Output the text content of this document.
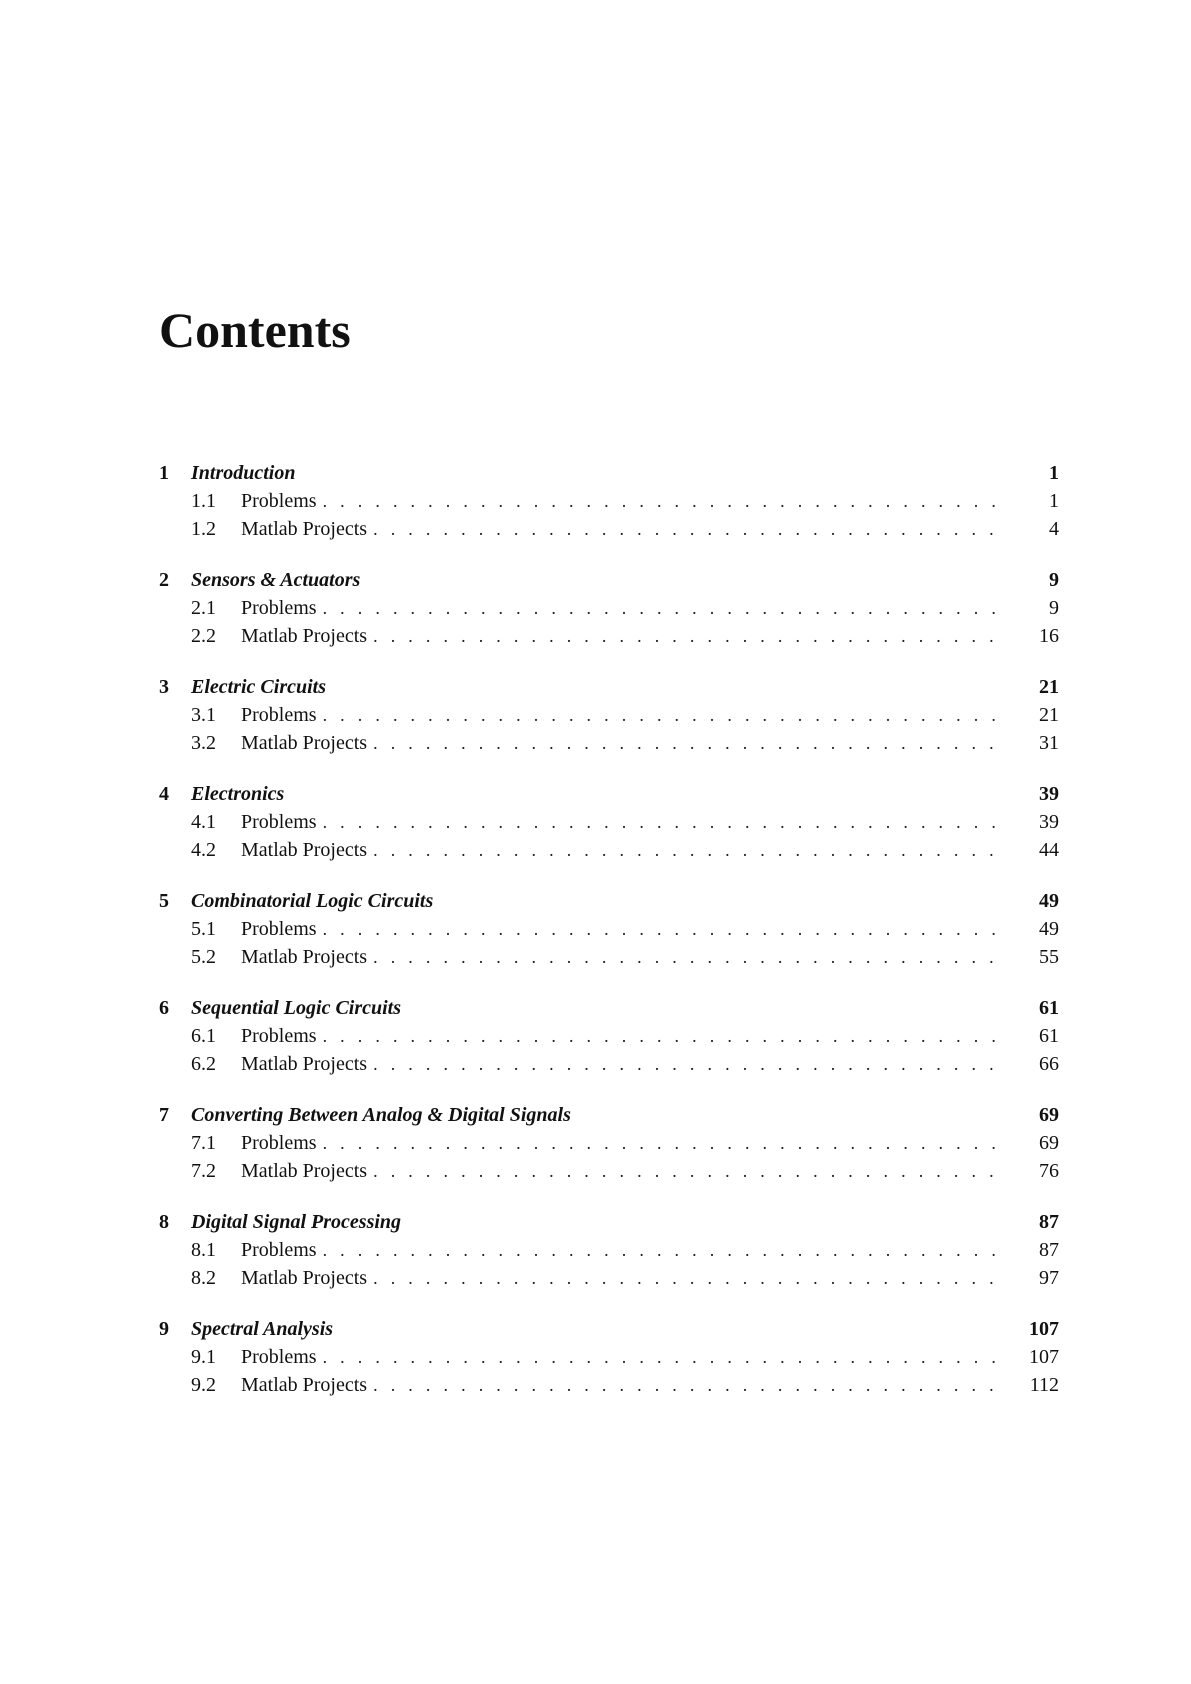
Contents
1	Introduction	1
1.1	Problems . . .	1
1.2	Matlab Projects . . .	4
2	Sensors & Actuators	9
2.1	Problems . . .	9
2.2	Matlab Projects . . .	16
3	Electric Circuits	21
3.1	Problems . . .	21
3.2	Matlab Projects . . .	31
4	Electronics	39
4.1	Problems . . .	39
4.2	Matlab Projects . . .	44
5	Combinatorial Logic Circuits	49
5.1	Problems . . .	49
5.2	Matlab Projects . . .	55
6	Sequential Logic Circuits	61
6.1	Problems . . .	61
6.2	Matlab Projects . . .	66
7	Converting Between Analog & Digital Signals	69
7.1	Problems . . .	69
7.2	Matlab Projects . . .	76
8	Digital Signal Processing	87
8.1	Problems . . .	87
8.2	Matlab Projects . . .	97
9	Spectral Analysis	107
9.1	Problems . . .	107
9.2	Matlab Projects . . .	112
